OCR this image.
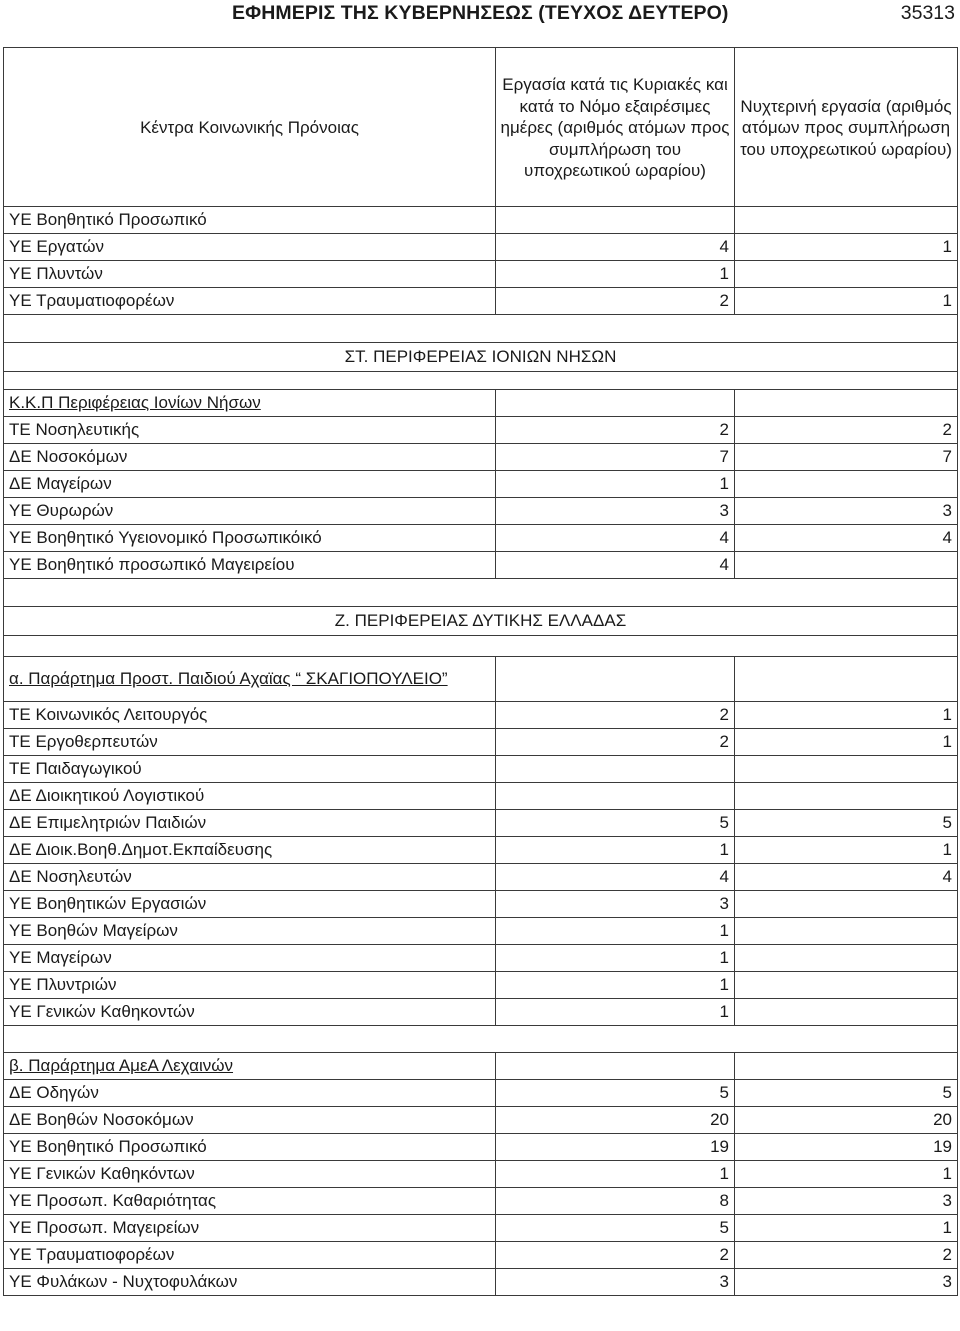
ΕΦΗΜΕΡΙΣ ΤΗΣ ΚΥΒΕΡΝΗΣΕΩΣ (ΤΕΥΧΟΣ ΔΕΥΤΕΡΟ)	35313
Κέντρα Κοινωνικής Πρόνοιας	Εργασία κατά τις Κυριακές και κατά το Νόμο εξαιρέσιμες ημέρες (αριθμός ατόμων προς συμπλήρωση του υποχρεωτικού ωραρίου)	Νυχτερινή εργασία (αριθμός ατόμων προς συμπλήρωση του υποχρεωτικού ωραρίου)
ΥΕ Βοηθητικό Προσωπικό		
ΥΕ Εργατών	4	1
ΥΕ Πλυντών	1	
ΥΕ Τραυματιοφορέων	2	1

ΣΤ. ΠΕΡΙΦΕΡΕΙΑΣ ΙΟΝΙΩΝ ΝΗΣΩΝ		

Κ.Κ.Π Περιφέρειας Ιονίων Νήσων		
ΤΕ Νοσηλευτικής	2	2
ΔΕ Νοσοκόμων	7	7
ΔΕ Μαγείρων	1	
ΥΕ Θυρωρών	3	3
ΥΕ Βοηθητικό Υγειονομικό Προσωπικόικό	4	4
ΥΕ Βοηθητικό προσωπικό Μαγειρείου	4	

Ζ. ΠΕΡΙΦΕΡΕΙΑΣ ΔΥΤΙΚΗΣ ΕΛΛΑΔΑΣ		

α. Παράρτημα Προστ. Παιδιού Αχαϊας “ ΣΚΑΓΙΟΠΟΥΛΕΙΟ”		
ΤΕ Κοινωνικός Λειτουργός	2	1
ΤΕ Εργοθερπευτών	2	1
ΤΕ Παιδαγωγικού		
ΔΕ Διοικητικού Λογιστικού		
ΔΕ Επιμελητριών Παιδιών	5	5
ΔΕ Διοικ.Βοηθ.Δημοτ.Εκπαίδευσης	1	1
ΔΕ Νοσηλευτών	4	4
ΥΕ Βοηθητικών Εργασιών	3	
ΥΕ Βοηθών Μαγείρων	1	
ΥΕ Μαγείρων	1	
ΥΕ Πλυντριών	1	
ΥΕ Γενικών Καθηκοντών	1	

β. Παράρτημα ΑμεΑ Λεχαινών		
ΔΕ Οδηγών	5	5
ΔΕ Βοηθών Νοσοκόμων	20	20
ΥΕ Βοηθητικό Προσωπικό	19	19
ΥΕ Γενικών Καθηκόντων	1	1
ΥΕ Προσωπ. Καθαριότητας	8	3
ΥΕ Προσωπ. Μαγειρείων	5	1
ΥΕ Τραυματιοφορέων	2	2
ΥΕ Φυλάκων - Νυχτοφυλάκων	3	3
